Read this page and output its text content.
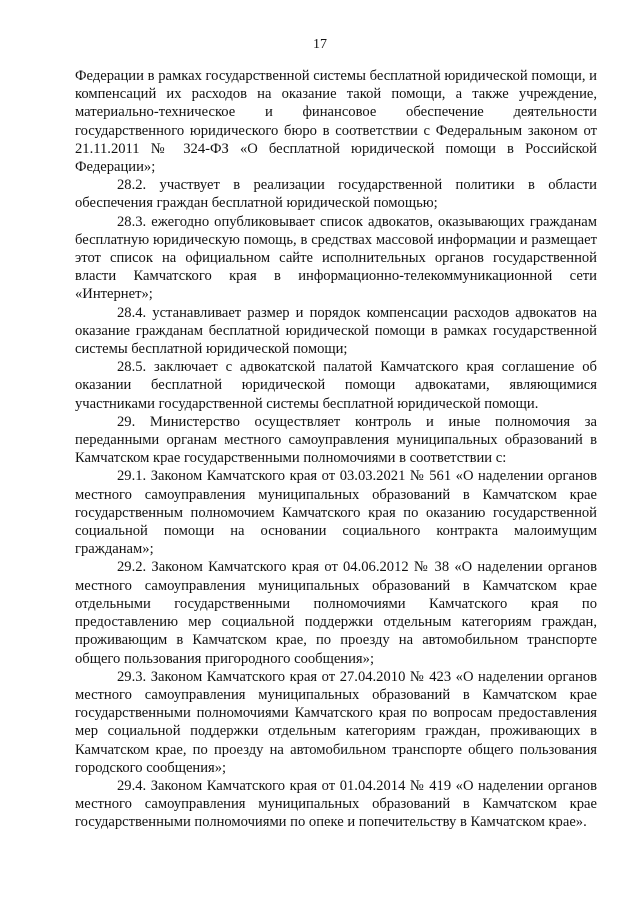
17

Федерации в рамках государственной системы бесплатной юридической помощи, и компенсаций их расходов на оказание такой помощи, а также учреждение, материально-техническое и финансовое обеспечение деятельности государственного юридического бюро в соответствии с Федеральным законом от 21.11.2011 № 324-ФЗ «О бесплатной юридической помощи в Российской Федерации»;

28.2. участвует в реализации государственной политики в области обеспечения граждан бесплатной юридической помощью;

28.3. ежегодно опубликовывает список адвокатов, оказывающих гражданам бесплатную юридическую помощь, в средствах массовой информации и размещает этот список на официальном сайте исполнительных органов государственной власти Камчатского края в информационно-телекоммуникационной сети «Интернет»;

28.4. устанавливает размер и порядок компенсации расходов адвокатов на оказание гражданам бесплатной юридической помощи в рамках государственной системы бесплатной юридической помощи;

28.5. заключает с адвокатской палатой Камчатского края соглашение об оказании бесплатной юридической помощи адвокатами, являющимися участниками государственной системы бесплатной юридической помощи.

29. Министерство осуществляет контроль и иные полномочия за переданными органам местного самоуправления муниципальных образований в Камчатском крае государственными полномочиями в соответствии с:

29.1. Законом Камчатского края от 03.03.2021 № 561 «О наделении органов местного самоуправления муниципальных образований в Камчатском крае государственным полномочием Камчатского края по оказанию государственной социальной помощи на основании социального контракта малоимущим гражданам»;

29.2. Законом Камчатского края от 04.06.2012 № 38 «О наделении органов местного самоуправления муниципальных образований в Камчатском крае отдельными государственными полномочиями Камчатского края по предоставлению мер социальной поддержки отдельным категориям граждан, проживающим в Камчатском крае, по проезду на автомобильном транспорте общего пользования пригородного сообщения»;

29.3. Законом Камчатского края от 27.04.2010 № 423 «О наделении органов местного самоуправления муниципальных образований в Камчатском крае государственными полномочиями Камчатского края по вопросам предоставления мер социальной поддержки отдельным категориям граждан, проживающих в Камчатском крае, по проезду на автомобильном транспорте общего пользования городского сообщения»;

29.4. Законом Камчатского края от 01.04.2014 № 419 «О наделении органов местного самоуправления муниципальных образований в Камчатском крае государственными полномочиями по опеке и попечительству в Камчатском крае».
